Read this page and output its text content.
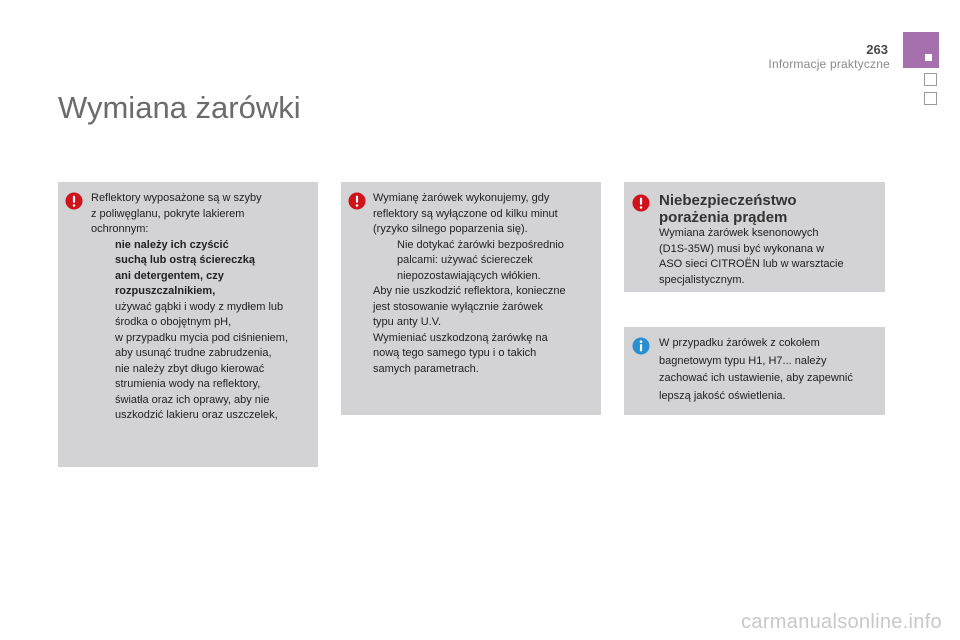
263
Informacje praktyczne
Wymiana żarówki

Reflektory wyposażone są w szyby
z poliwęglanu, pokryte lakierem
ochronnym:

nie należy ich czyścić
suchą lub ostrą ściereczką
ani detergentem, czy
rozpuszczalnikiem,
używać gąbki i wody z mydłem lub
środka o obojętnym pH,
w przypadku mycia pod ciśnieniem,
aby usunąć trudne zabrudzenia,
nie należy zbyt długo kierować
strumienia wody na reflektory,
światła oraz ich oprawy, aby nie
uszkodzić lakieru oraz uszczelek,

Wymianę żarówek wykonujemy, gdy
reflektory są wyłączone od kilku minut
(ryzyko silnego poparzenia się).

Nie dotykać żarówki bezpośrednio
palcami: używać ściereczek
niepozostawiających włókien.

Aby nie uszkodzić reflektora, konieczne
jest stosowanie wyłącznie żarówek
typu anty U.V.
Wymieniać uszkodzoną żarówkę na
nową tego samego typu i o takich
samych parametrach.

Niebezpieczeństwo
porażenia prądem

Wymiana żarówek ksenonowych
(D1S-35W) musi być wykonana w
ASO sieci CITROËN lub w warsztacie
specjalistycznym.

W przypadku żarówek z cokołem
bagnetowym typu H1, H7... należy
zachować ich ustawienie, aby zapewnić
lepszą jakość oświetlenia.

carmanualsonline.info
